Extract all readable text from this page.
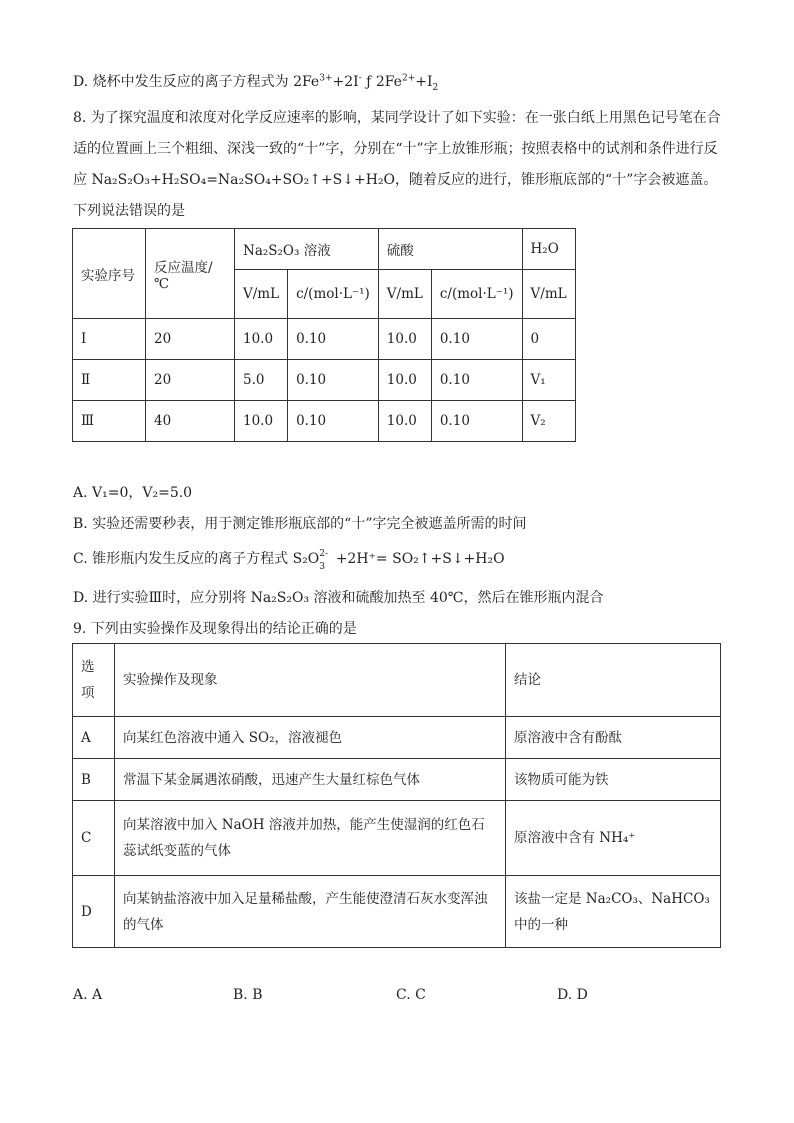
D. 烧杯中发生反应的离子方程式为 $2Fe^{3+}+2I^-$ ƒ $2Fe^{2+}+I_2$
8. 为了探究温度和浓度对化学反应速率的影响，某同学设计了如下实验：在一张白纸上用黑色记号笔在合适的位置画上三个粗细、深浅一致的“十”字，分别在“十”字上放锥形瓶；按照表格中的试剂和条件进行反应 Na₂S₂O₃+H₂SO₄=Na₂SO₄+SO₂↑+S↓+H₂O，随着反应的进行，锥形瓶底部的“十”字会被遮盖。下列说法错误的是
实验序号	反应温度/℃	Na₂S₂O₃ 溶液		硫酸		H₂O
		V/mL	c/(mol·L⁻¹)	V/mL	c/(mol·L⁻¹)	V/mL
Ⅰ	20	10.0	0.10	10.0	0.10	0
Ⅱ	20	5.0	0.10	10.0	0.10	V₁
Ⅲ	40	10.0	0.10	10.0	0.10	V₂
A. V₁=0，V₂=5.0
B. 实验还需要秒表，用于测定锥形瓶底部的“十”字完全被遮盖所需的时间
C. 锥形瓶内发生反应的离子方程式 S₂O 2-
3 +2H⁺= SO₂↑+S↓+H₂O
D. 进行实验Ⅲ时，应分别将 Na₂S₂O₃ 溶液和硫酸加热至 40℃，然后在锥形瓶内混合
9. 下列由实验操作及现象得出的结论正确的是
选项	实验操作及现象	结论
A	向某红色溶液中通入 SO₂，溶液褪色	原溶液中含有酚酞
B	常温下某金属遇浓硝酸，迅速产生大量红棕色气体	该物质可能为铁
C	向某溶液中加入 NaOH 溶液并加热，能产生使湿润的红色石蕊试纸变蓝的气体	原溶液中含有 NH₄⁺
D	向某钠盐溶液中加入足量稀盐酸，产生能使澄清石灰水变浑浊的气体	该盐一定是 Na₂CO₃、NaHCO₃ 中的一种
A. A	B. B	C. C	D. D
